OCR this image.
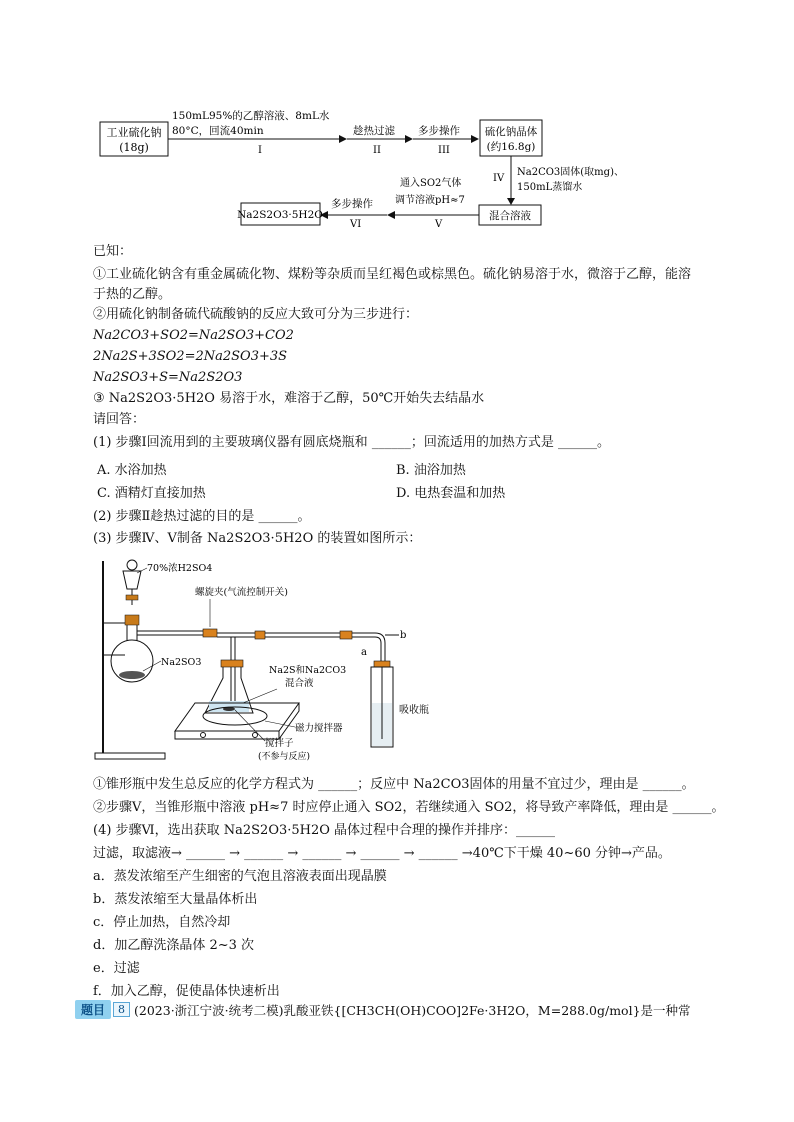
工业硫化钠
(18g)
150mL95%的乙醇溶液、8mL水
80°C，回流40min
I
趁热过滤
II
多步操作
III
硫化钠晶体
(约16.8g)
IV
Na2CO3固体(取mg)、
150mL蒸馏水
混合溶液
通入SO2气体
调节溶液pH≈7
V
多步操作
VI
Na2S2O3·5H2O
已知：
①工业硫化钠含有重金属硫化物、煤粉等杂质而呈红褐色或棕黑色。硫化钠易溶于水，微溶于乙醇，能溶
于热的乙醇。
②用硫化钠制备硫代硫酸钠的反应大致可分为三步进行：
Na2CO3+SO2=Na2SO3+CO2
2Na2S+3SO2=2Na2SO3+3S
Na2SO3+S=Na2S2O3
③ Na2S2O3·5H2O 易溶于水，难溶于乙醇，50℃开始失去结晶水
请回答：
(1) 步骤Ⅰ回流用到的主要玻璃仪器有圆底烧瓶和 ______；回流适用的加热方式是 ______。
A. 水浴加热	B. 油浴加热
C. 酒精灯直接加热	D. 电热套温和加热
(2) 步骤Ⅱ趁热过滤的目的是 ______。
(3) 步骤Ⅳ、Ⅴ制备 Na2S2O3·5H2O 的装置如图所示：
70%浓H2SO4
Na2SO3
螺旋夹(气流控制开关)
Na2S和Na2CO3
混合液
磁力搅拌器
搅拌子
(不参与反应)
b
a
吸收瓶
①锥形瓶中发生总反应的化学方程式为 ______；反应中 Na2CO3固体的用量不宜过少，理由是 ______。
②步骤Ⅴ，当锥形瓶中溶液 pH≈7 时应停止通入 SO2，若继续通入 SO2，将导致产率降低，理由是 ______。
(4) 步骤Ⅵ，选出获取 Na2S2O3·5H2O 晶体过程中合理的操作并排序：______
过滤，取滤液→ ______ → ______ → ______ → ______ → ______ →40℃下干燥 40~60 分钟→产品。
a．蒸发浓缩至产生细密的气泡且溶液表面出现晶膜
b．蒸发浓缩至大量晶体析出
c．停止加热，自然冷却
d．加乙醇洗涤晶体 2~3 次
e．过滤
f．加入乙醇，促使晶体快速析出
题目	8 (2023·浙江宁波·统考二模)乳酸亚铁{[CH3CH(OH)COO]2Fe·3H2O，M=288.0g/mol}是一种常
